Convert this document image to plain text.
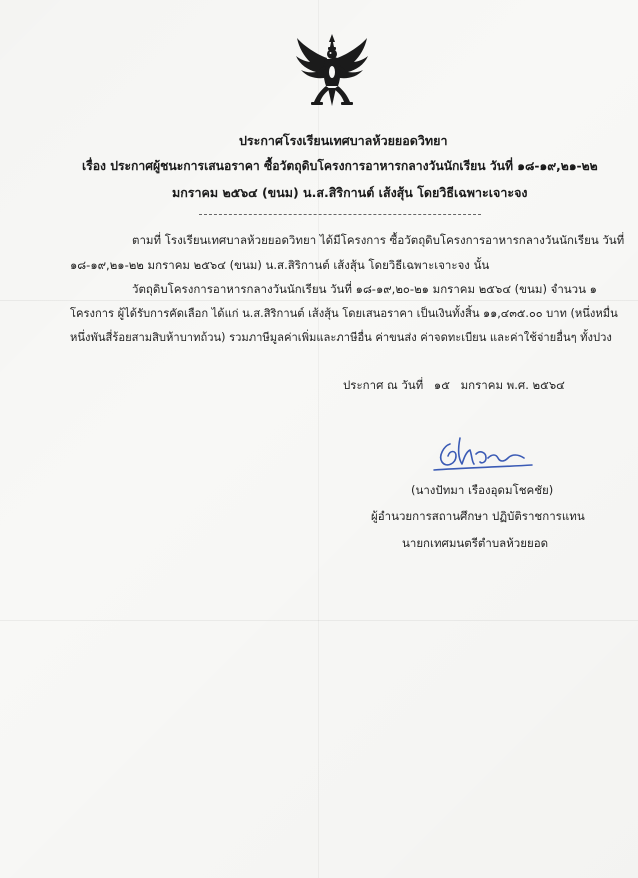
ประกาศโรงเรียนเทศบาลห้วยยอดวิทยา
เรื่อง ประกาศผู้ชนะการเสนอราคา ซื้อวัตถุดิบโครงการอาหารกลางวันนักเรียน วันที่ ๑๘-๑๙,๒๑-๒๒
มกราคม ๒๕๖๔ (ขนม) น.ส.สิริกานต์ เส้งสุ้น โดยวิธีเฉพาะเจาะจง
ตามที่ โรงเรียนเทศบาลห้วยยอดวิทยา ได้มีโครงการ ซื้อวัตถุดิบโครงการอาหารกลางวันนักเรียน วันที่
๑๘-๑๙,๒๑-๒๒ มกราคม ๒๕๖๔ (ขนม) น.ส.สิริกานต์ เส้งสุ้น โดยวิธีเฉพาะเจาะจง นั้น
วัตถุดิบโครงการอาหารกลางวันนักเรียน วันที่ ๑๘-๑๙,๒๐-๒๑ มกราคม ๒๕๖๔ (ขนม) จำนวน ๑
โครงการ ผู้ได้รับการคัดเลือก ได้แก่ น.ส.สิริกานต์ เส้งสุ้น โดยเสนอราคา เป็นเงินทั้งสิ้น ๑๑,๔๓๕.๐๐ บาท (หนึ่งหมื่น
หนึ่งพันสี่ร้อยสามสิบห้าบาทถ้วน) รวมภาษีมูลค่าเพิ่มและภาษีอื่น ค่าขนส่ง ค่าจดทะเบียน และค่าใช้จ่ายอื่นๆ ทั้งปวง
ประกาศ ณ วันที่ ๑๕ มกราคม พ.ศ. ๒๕๖๔
(นางปัทมา เรืองอุดมโชคชัย)
ผู้อำนวยการสถานศึกษา ปฏิบัติราชการแทน
นายกเทศมนตรีตำบลห้วยยอด
